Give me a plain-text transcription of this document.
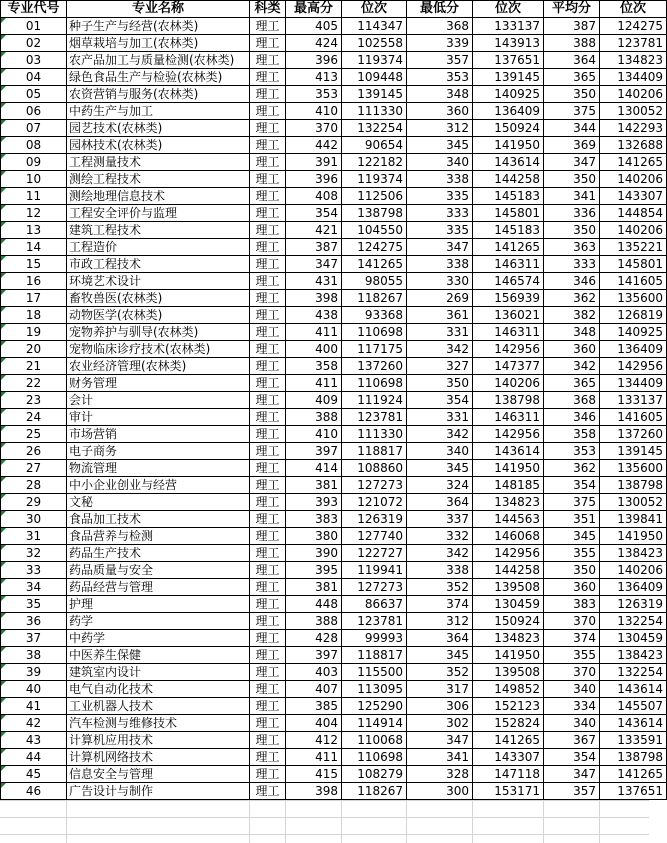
专业代号	专业名称	科类	最高分	位次	最低分	位次	平均分	位次
01	种子生产与经营(农林类)	理工	405	114347	368	133137	387	124275
02	烟草栽培与加工(农林类)	理工	424	102558	339	143913	388	123781
03	农产品加工与质量检测(农林类)	理工	396	119374	357	137651	364	134823
04	绿色食品生产与检验(农林类)	理工	413	109448	353	139145	365	134409
05	农资营销与服务(农林类)	理工	353	139145	348	140925	350	140206
06	中药生产与加工	理工	410	111330	360	136409	375	130052
07	园艺技术(农林类)	理工	370	132254	312	150924	344	142293
08	园林技术(农林类)	理工	442	90654	345	141950	369	132688
09	工程测量技术	理工	391	122182	340	143614	347	141265
10	测绘工程技术	理工	396	119374	338	144258	350	140206
11	测绘地理信息技术	理工	408	112506	335	145183	341	143307
12	工程安全评价与监理	理工	354	138798	333	145801	336	144854
13	建筑工程技术	理工	421	104550	335	145183	350	140206
14	工程造价	理工	387	124275	347	141265	363	135221
15	市政工程技术	理工	347	141265	338	146311	333	145801
16	环境艺术设计	理工	431	98055	330	146574	346	141605
17	畜牧兽医(农林类)	理工	398	118267	269	156939	362	135600
18	动物医学(农林类)	理工	438	93368	361	136021	382	126819
19	宠物养护与驯导(农林类)	理工	411	110698	331	146311	348	140925
20	宠物临床诊疗技术(农林类)	理工	400	117175	342	142956	360	136409
21	农业经济管理(农林类)	理工	358	137260	327	147377	342	142956
22	财务管理	理工	411	110698	350	140206	365	134409
23	会计	理工	409	111924	354	138798	368	133137
24	审计	理工	388	123781	331	146311	346	141605
25	市场营销	理工	410	111330	342	142956	358	137260
26	电子商务	理工	397	118817	340	143614	353	139145
27	物流管理	理工	414	108860	345	141950	362	135600
28	中小企业创业与经营	理工	381	127273	324	148185	354	138798
29	文秘	理工	393	121072	364	134823	375	130052
30	食品加工技术	理工	383	126319	337	144563	351	139841
31	食品营养与检测	理工	380	127740	332	146068	345	141950
32	药品生产技术	理工	390	122727	342	142956	355	138423
33	药品质量与安全	理工	395	119941	338	144258	350	140206
34	药品经营与管理	理工	381	127273	352	139508	360	136409
35	护理	理工	448	86637	374	130459	383	126319
36	药学	理工	388	123781	312	150924	370	132254
37	中药学	理工	428	99993	364	134823	374	130459
38	中医养生保健	理工	397	118817	345	141950	355	138423
39	建筑室内设计	理工	403	115500	352	139508	370	132254
40	电气自动化技术	理工	407	113095	317	149852	340	143614
41	工业机器人技术	理工	385	125290	306	152123	334	145507
42	汽车检测与维修技术	理工	404	114914	302	152824	340	143614
43	计算机应用技术	理工	412	110068	347	141265	367	133591
44	计算机网络技术	理工	411	110698	341	143307	354	138798
45	信息安全与管理	理工	415	108279	328	147118	347	141265
46	广告设计与制作	理工	398	118267	300	153171	357	137651
